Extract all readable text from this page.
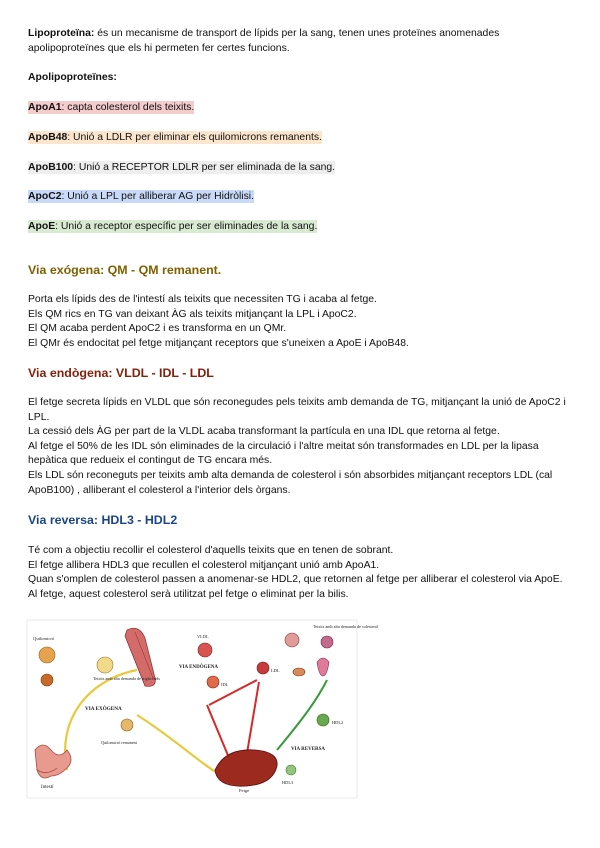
Lipoproteïna: és un mecanisme de transport de lípids per la sang, tenen unes proteïnes anomenades apolipoproteïnes que els hi permeten fer certes funcions.

Apolipoproteïnes:

ApoA1: capta colesterol dels teixits.

ApoB48: Unió a LDLR per eliminar els quilomicrons remanents.

ApoB100: Unió a RECEPTOR LDLR per ser eliminada de la sang.

ApoC2: Unió a LPL per alliberar AG per Hidròlisi.

ApoE: Unió a receptor específic per ser eliminades de la sang.

Via exógena: QM - QM remanent.
Porta els lípids des de l'intestí als teixits que necessiten TG i acaba al fetge.
Els QM rics en TG van deixant ÀG als teixits mitjançant la LPL i ApoC2.
El QM acaba perdent ApoC2 i es transforma en un QMr.
El QMr és endocitat pel fetge mitjançant receptors que s'uneixen a ApoE i ApoB48.
Via endògena: VLDL - IDL - LDL
El fetge secreta lípids en VLDL que són reconegudes pels teixits amb demanda de TG, mitjançant la unió de ApoC2 i LPL.
La cessió dels ÀG per part de la VLDL acaba transformant la partícula en una IDL que retorna al fetge.
Al fetge el 50% de les IDL són eliminades de la circulació i l'altre meitat són transformades en LDL per la lipasa hepàtica que redueix el contingut de TG encara més.
Els LDL són reconeguts per teixits amb alta demanda de colesterol i són absorbides mitjançant receptors LDL (cal ApoB100) , alliberant el colesterol a l'interior dels òrgans.
Via reversa: HDL3 - HDL2
Té com a objectiu recollir el colesterol d'aquells teixits que en tenen de sobrant.
El fetge allibera HDL3 que recullen el colesterol mitjançant unió amb ApoA1.
Quan s'omplen de colesterol passen a anomenar-se HDL2, que retornen al fetge per alliberar el colesterol via ApoE.
Al fetge, aquest colesterol serà utilitzat pel fetge o eliminat per la bilis.
Intestí
Quilomicró
Teixits amb alta demanda de triglicèrids
VIA EXÒGENA
Quilomicró remanent
VIA ENDÒGENA
VLDL
IDL
LDL
Fetge
Teixits amb alta demanda de colesterol
VIA REVERSA
HDL2
HDL3
